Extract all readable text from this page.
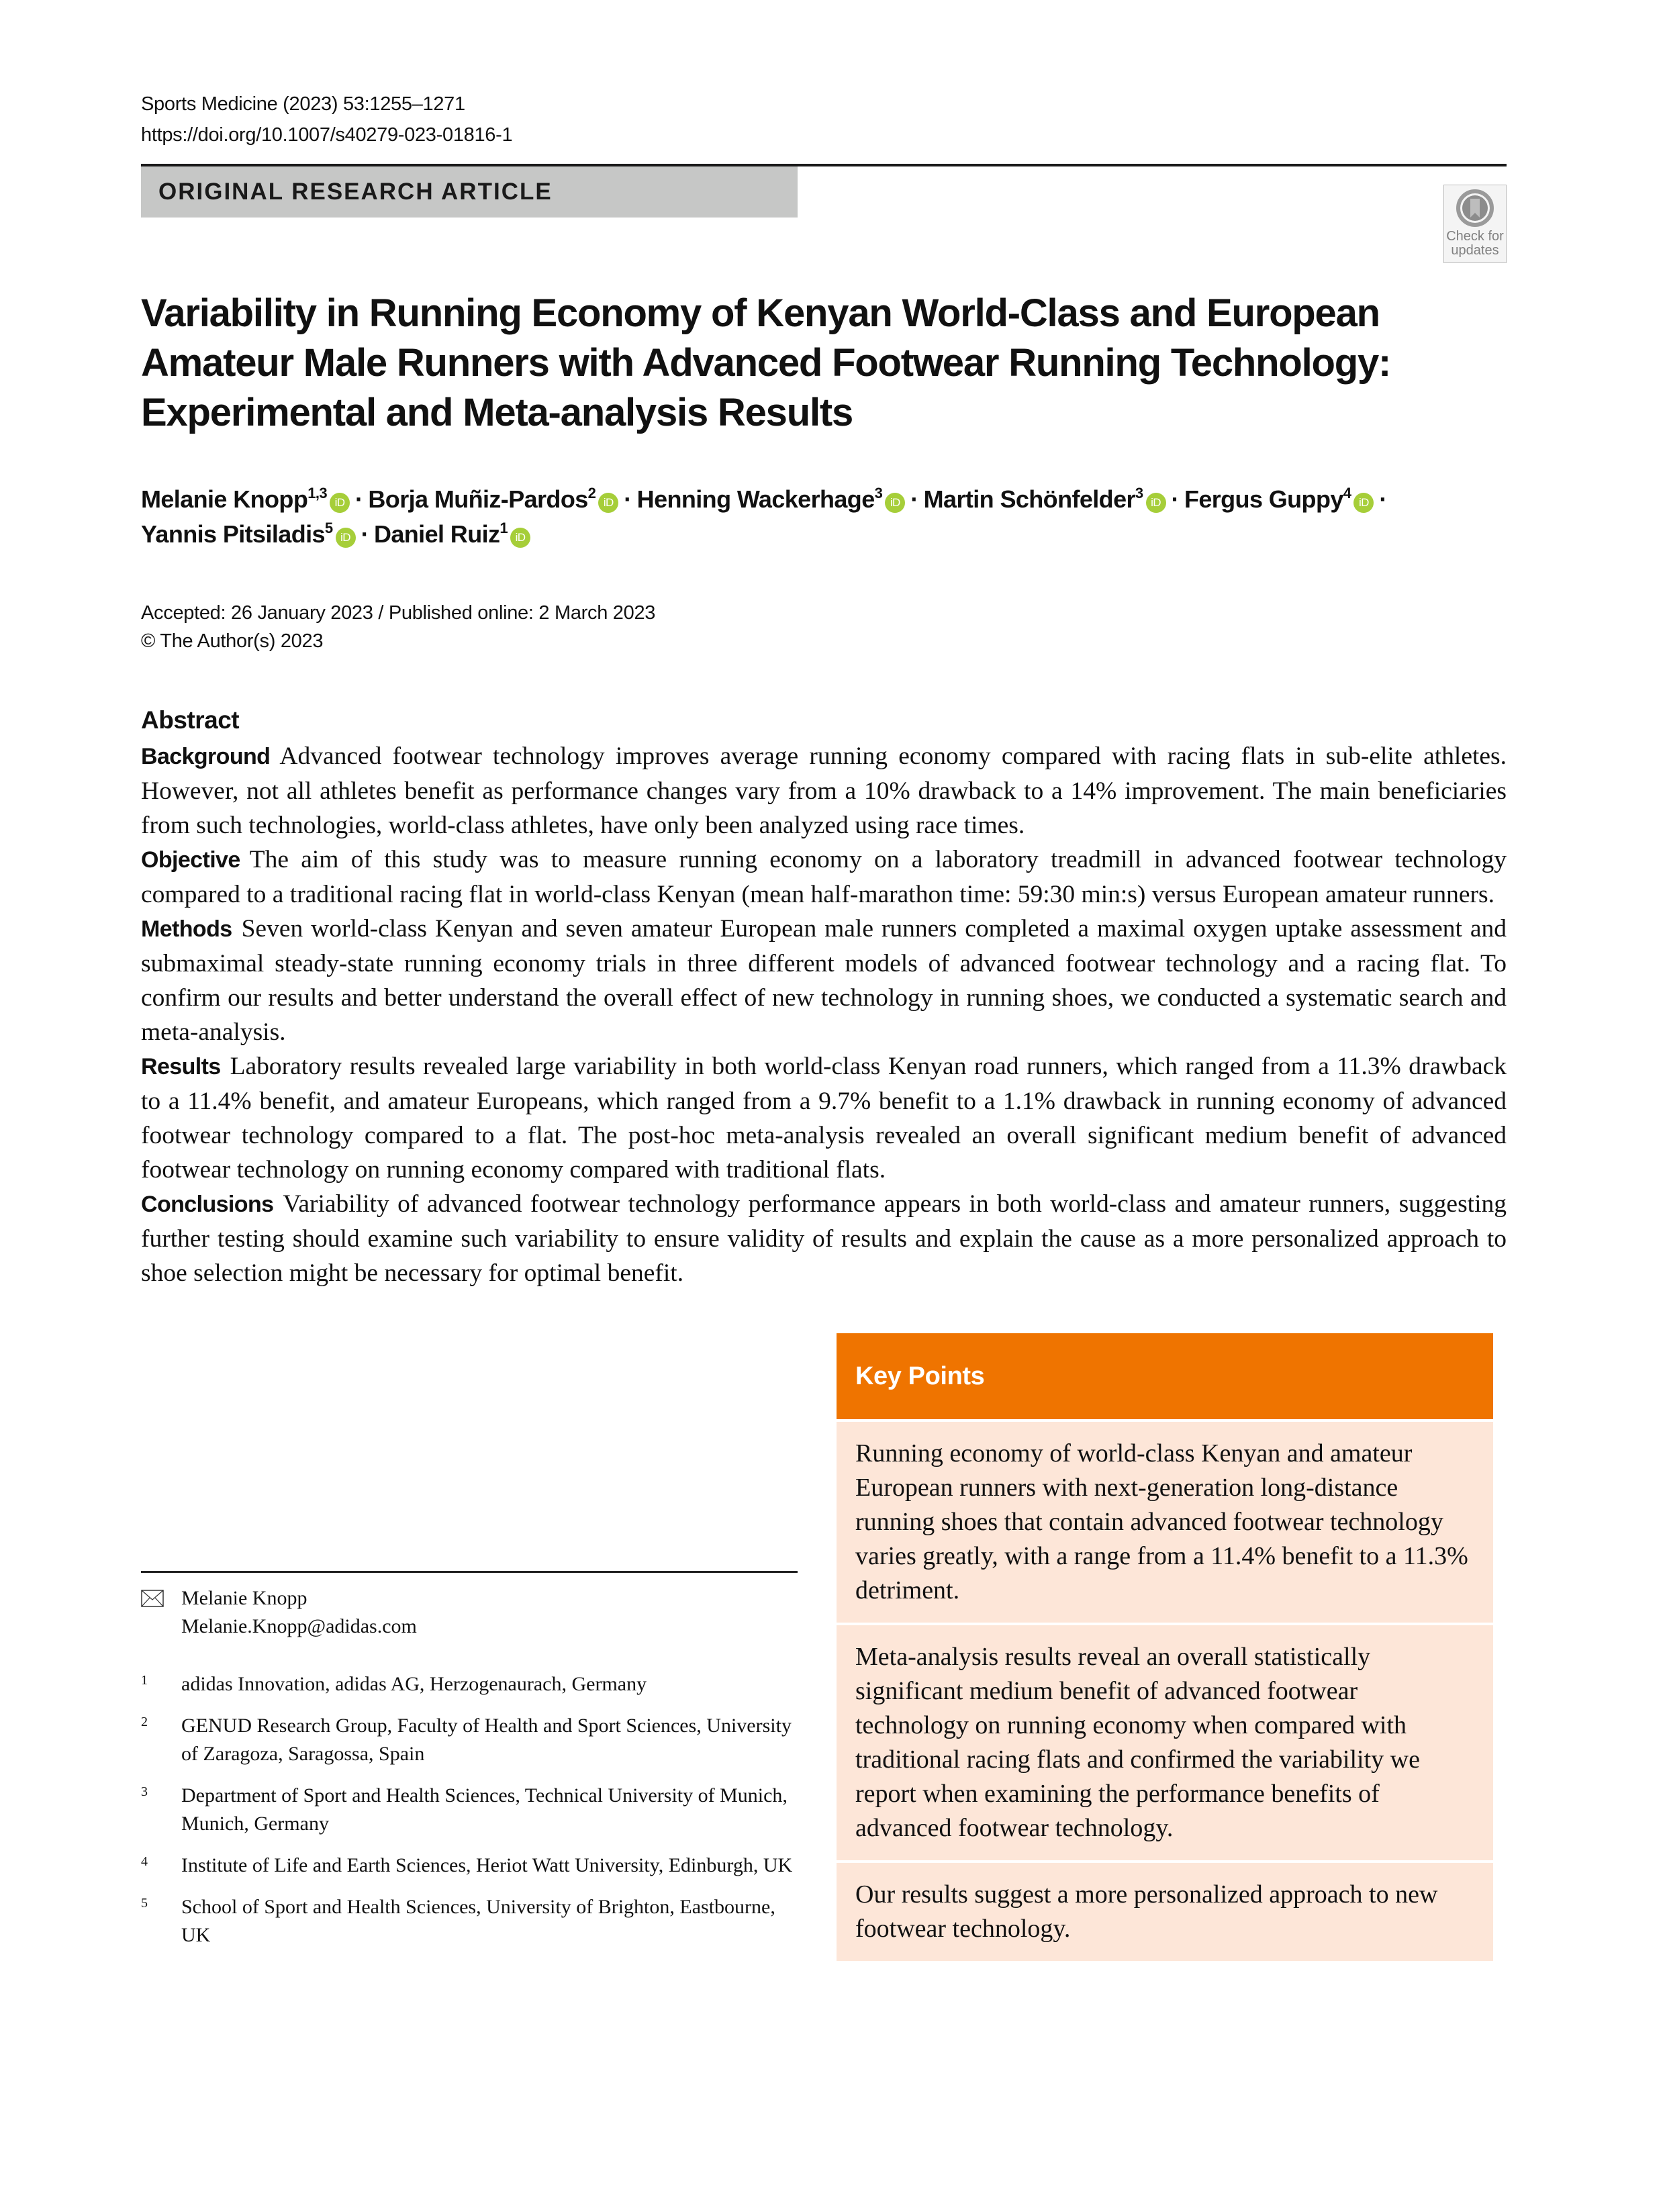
Sports Medicine (2023) 53:1255–1271
https://doi.org/10.1007/s40279-023-01816-1
ORIGINAL RESEARCH ARTICLE
Check for
updates
Variability in Running Economy of Kenyan World-Class and European
Amateur Male Runners with Advanced Footwear Running Technology:
Experimental and Meta-analysis Results
Melanie Knopp$^{1,3}$iD · Borja Muñiz-Pardos$^2$iD · Henning Wackerhage$^3$iD · Martin Schönfelder$^3$iD · Fergus Guppy$^4$iD ·
Yannis Pitsiladis$^5$iD · Daniel Ruiz$^1$iD
Accepted: 26 January 2023 / Published online: 2 March 2023
© The Author(s) 2023
Abstract

Background Advanced footwear technology improves average running economy compared with racing flats in sub-elite athletes. However, not all athletes benefit as performance changes vary from a 10% drawback to a 14% improvement. The main beneficiaries from such technologies, world-class athletes, have only been analyzed using race times.

Objective The aim of this study was to measure running economy on a laboratory treadmill in advanced footwear technology compared to a traditional racing flat in world-class Kenyan (mean half-marathon time: 59:30 min:s) versus European amateur runners.

Methods Seven world-class Kenyan and seven amateur European male runners completed a maximal oxygen uptake assessment and submaximal steady-state running economy trials in three different models of advanced footwear technology and a racing flat. To confirm our results and better understand the overall effect of new technology in running shoes, we conducted a systematic search and meta-analysis.

Results Laboratory results revealed large variability in both world-class Kenyan road runners, which ranged from a 11.3% drawback to a 11.4% benefit, and amateur Europeans, which ranged from a 9.7% benefit to a 1.1% drawback in running economy of advanced footwear technology compared to a flat. The post-hoc meta-analysis revealed an overall significant medium benefit of advanced footwear technology on running economy compared with traditional flats.

Conclusions Variability of advanced footwear technology performance appears in both world-class and amateur runners, suggesting further testing should examine such variability to ensure validity of results and explain the cause as a more personalized approach to shoe selection might be necessary for optimal benefit.

Key Points
Running economy of world-class Kenyan and amateur European runners with next-generation long-distance running shoes that contain advanced footwear technology varies greatly, with a range from a 11.4% benefit to a 11.3% detriment.
Meta-analysis results reveal an overall statistically significant medium benefit of advanced footwear technology on running economy when compared with traditional racing flats and confirmed the variability we report when examining the performance benefits of advanced footwear technology.
Our results suggest a more personalized approach to new footwear technology.
Melanie Knopp
Melanie.Knopp@adidas.com
1 adidas Innovation, adidas AG, Herzogenaurach, Germany
2 GENUD Research Group, Faculty of Health and Sport Sciences, University of Zaragoza, Saragossa, Spain
3 Department of Sport and Health Sciences, Technical University of Munich, Munich, Germany
4 Institute of Life and Earth Sciences, Heriot Watt University, Edinburgh, UK
5 School of Sport and Health Sciences, University of Brighton, Eastbourne, UK
